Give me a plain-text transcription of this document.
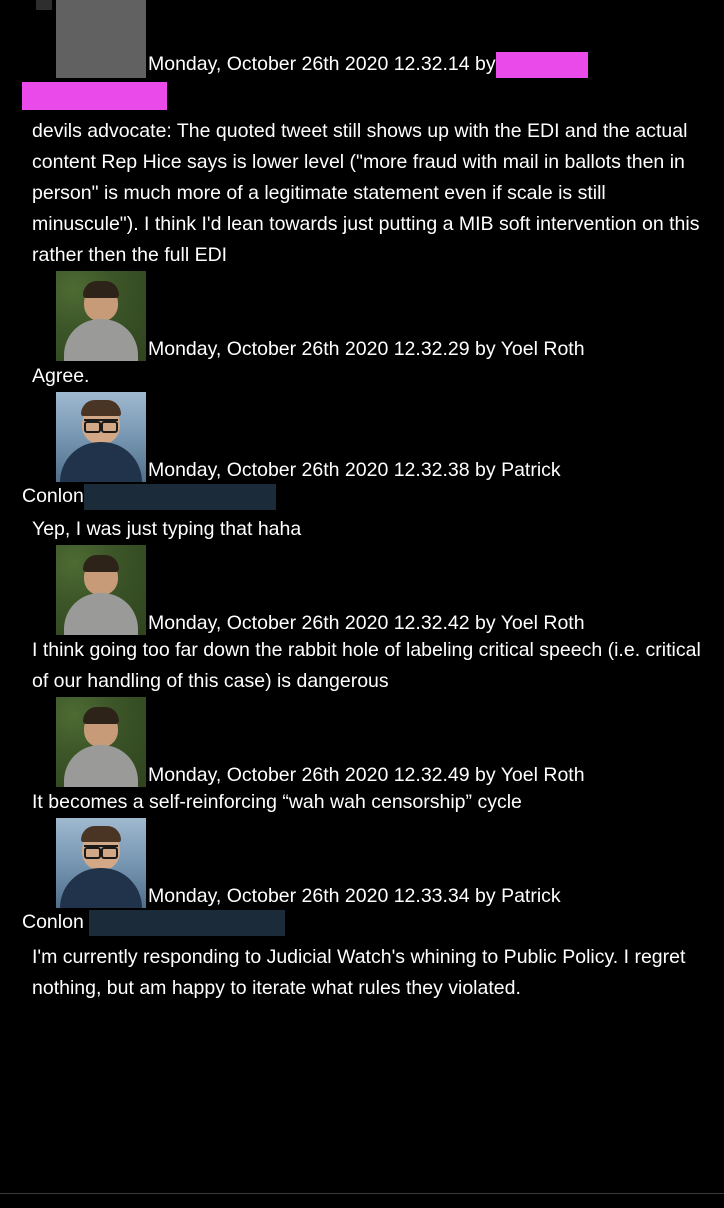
Monday, October 26th 2020 12.32.14 by
devils advocate: The quoted tweet still shows up with the EDI and the actual content Rep Hice says is lower level ("more fraud with mail in ballots then in person" is much more of a legitimate statement even if scale is still minuscule"). I think I'd lean towards just putting a MIB soft intervention on this rather then the full EDI
Monday, October 26th 2020 12.32.29 by Yoel Roth
Agree.
Monday, October 26th 2020 12.32.38 by Patrick
Conlon
Yep, I was just typing that haha
Monday, October 26th 2020 12.32.42 by Yoel Roth
I think going too far down the rabbit hole of labeling critical speech (i.e. critical of our handling of this case) is dangerous
Monday, October 26th 2020 12.32.49 by Yoel Roth
It becomes a self-reinforcing “wah wah censorship” cycle
Monday, October 26th 2020 12.33.34 by Patrick
Conlon
I'm currently responding to Judicial Watch's whining to Public Policy. I regret nothing, but am happy to iterate what rules they violated.
